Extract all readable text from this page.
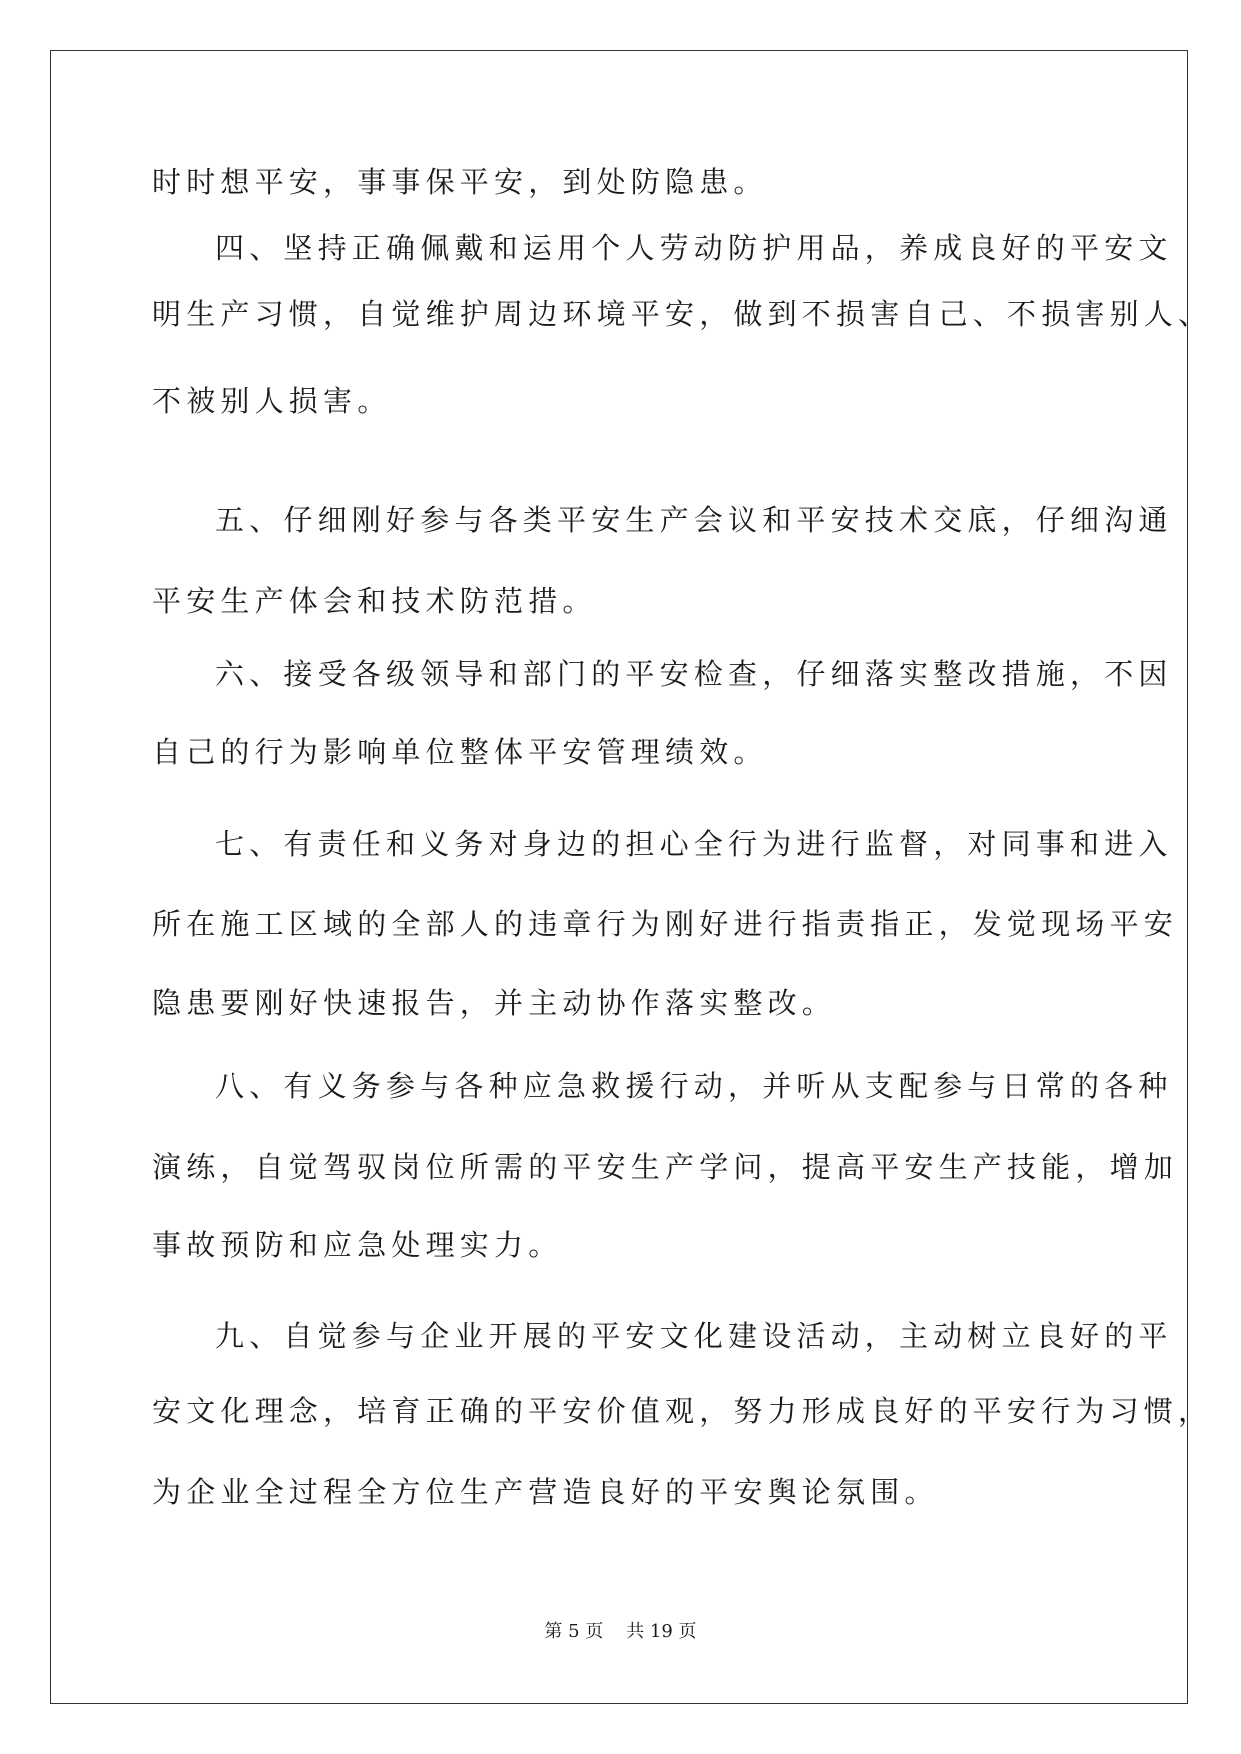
时时想平安，事事保平安，到处防隐患。
四、坚持正确佩戴和运用个人劳动防护用品，养成良好的平安文
明生产习惯，自觉维护周边环境平安，做到不损害自己、不损害别人、
不被别人损害。
五、仔细刚好参与各类平安生产会议和平安技术交底，仔细沟通
平安生产体会和技术防范措。
六、接受各级领导和部门的平安检查，仔细落实整改措施，不因
自己的行为影响单位整体平安管理绩效。
七、有责任和义务对身边的担心全行为进行监督，对同事和进入
所在施工区域的全部人的违章行为刚好进行指责指正，发觉现场平安
隐患要刚好快速报告，并主动协作落实整改。
八、有义务参与各种应急救援行动，并听从支配参与日常的各种
演练，自觉驾驭岗位所需的平安生产学问，提高平安生产技能，增加
事故预防和应急处理实力。
九、自觉参与企业开展的平安文化建设活动，主动树立良好的平
安文化理念，培育正确的平安价值观，努力形成良好的平安行为习惯，
为企业全过程全方位生产营造良好的平安舆论氛围。
第 5 页    共 19 页
